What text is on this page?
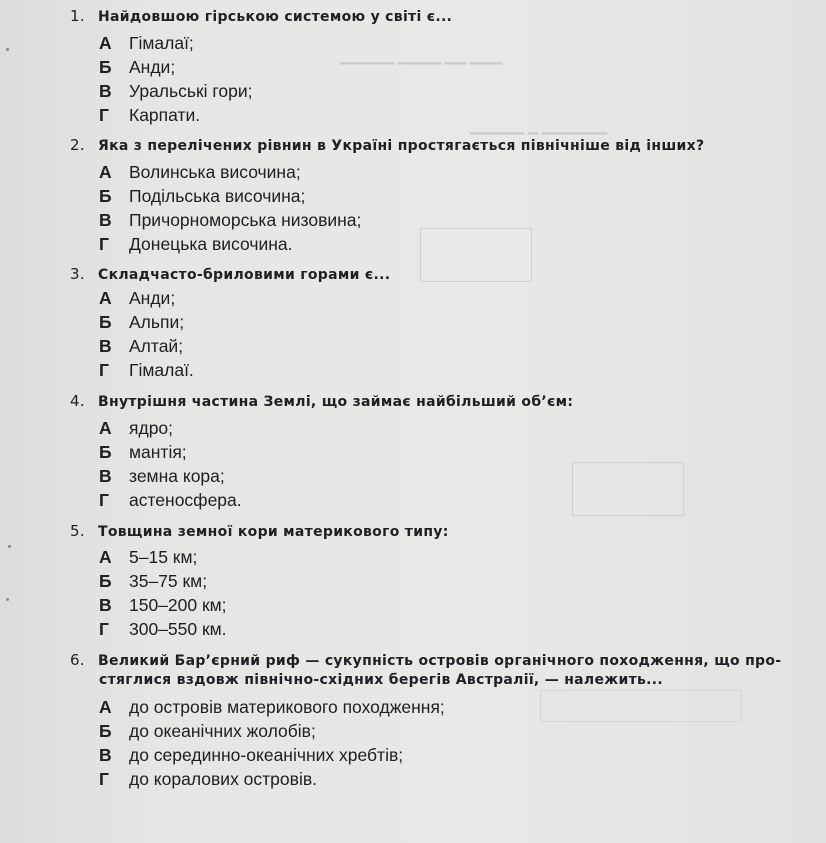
▁▁▁ ▁▁ ▁▁▁▁ ▁▁▁▁▁
▁▁▁▁▁▁ ▁ ▁▁▁▁▁
1. Найдовшою гірською системою у світі є...
А Гімалаї;
Б Анди;
В Уральські гори;
Г Карпати.
2. Яка з перелічених рівнин в Україні простягається північніше від інших?
А Волинська височина;
Б Подільська височина;
В Причорноморська низовина;
Г Донецька височина.
3. Складчасто-бриловими горами є...
А Анди;
Б Альпи;
В Алтай;
Г Гімалаї.
4. Внутрішня частина Землі, що займає найбільший об’єм:
А ядро;
Б мантія;
В земна кора;
Г астеносфера.
5. Товщина земної кори материкового типу:
А 5–15 км;
Б 35–75 км;
В 150–200 км;
Г 300–550 км.
6. Великий Бар’єрний риф — сукупність островів органічного походження, що про-
стяглися вздовж північно-східних берегів Австралії, — належить...
А до островів материкового походження;
Б до океанічних жолобів;
В до серединно-океанічних хребтів;
Г до коралових островів.
